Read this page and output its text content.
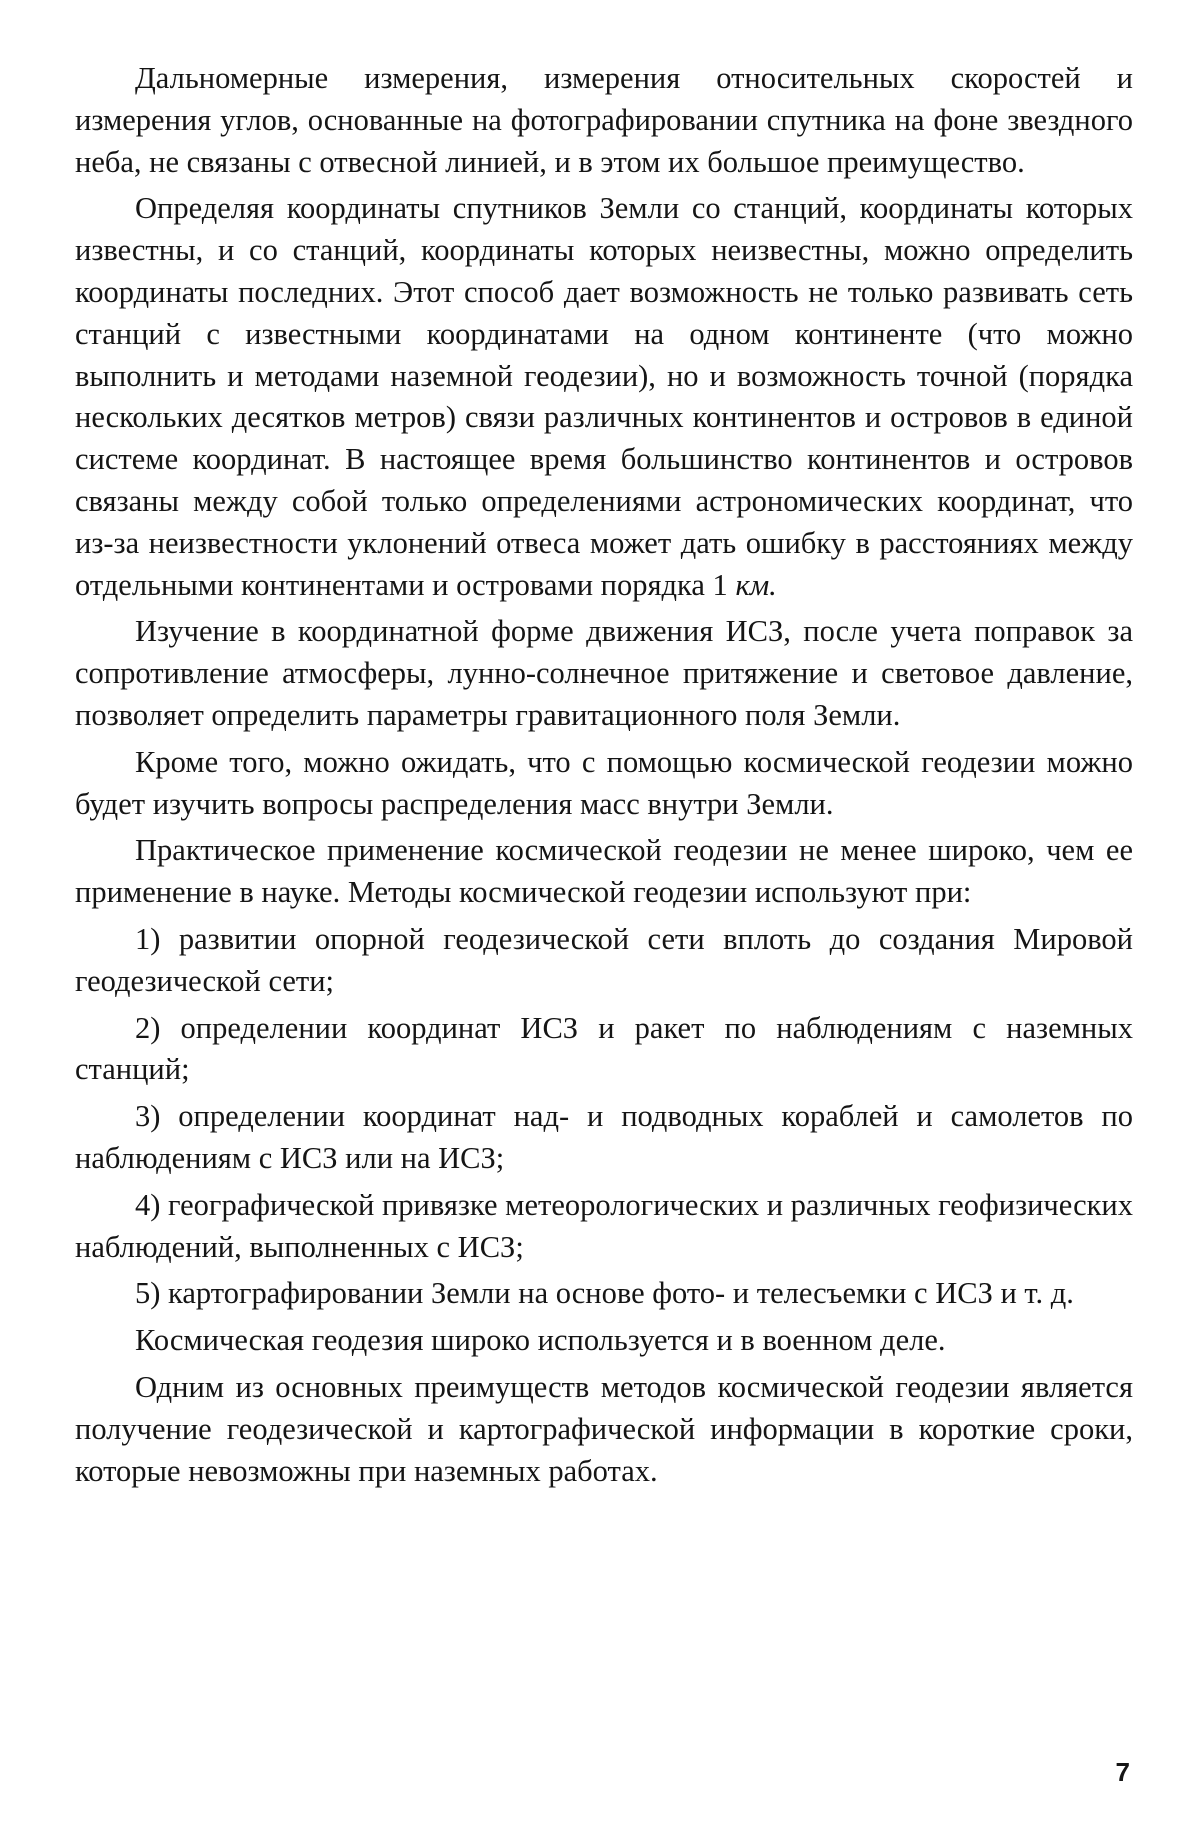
Дальномерные измерения, измерения относительных скоростей и измерения углов, основанные на фотографировании спутника на фоне звездного неба, не связаны с отвесной линией, и в этом их большое преимущество.

Определяя координаты спутников Земли со станций, координаты которых известны, и со станций, координаты которых неизвестны, можно определить координаты последних. Этот способ дает возможность не только развивать сеть станций с известными координатами на одном континенте (что можно выполнить и методами наземной геодезии), но и возможность точной (порядка нескольких десятков метров) связи различных континентов и островов в единой системе координат. В настоящее время большинство континентов и островов связаны между собой только определениями астрономических координат, что из-за неизвестности уклонений отвеса может дать ошибку в расстояниях между отдельными континентами и островами порядка 1 км.

Изучение в координатной форме движения ИСЗ, после учета поправок за сопротивление атмосферы, лунно-солнечное притяжение и световое давление, позволяет определить параметры гравитационного поля Земли.

Кроме того, можно ожидать, что с помощью космической геодезии можно будет изучить вопросы распределения масс внутри Земли.

Практическое применение космической геодезии не менее широко, чем ее применение в науке. Методы космической геодезии используют при:

1) развитии опорной геодезической сети вплоть до создания Мировой геодезической сети;

2) определении координат ИСЗ и ракет по наблюдениям с наземных станций;

3) определении координат над- и подводных кораблей и самолетов по наблюдениям с ИСЗ или на ИСЗ;

4) географической привязке метеорологических и различных геофизических наблюдений, выполненных с ИСЗ;

5) картографировании Земли на основе фото- и телесъемки с ИСЗ и т. д.

Космическая геодезия широко используется и в военном деле.

Одним из основных преимуществ методов космической геодезии является получение геодезической и картографической информации в короткие сроки, которые невозможны при наземных работах.

7
